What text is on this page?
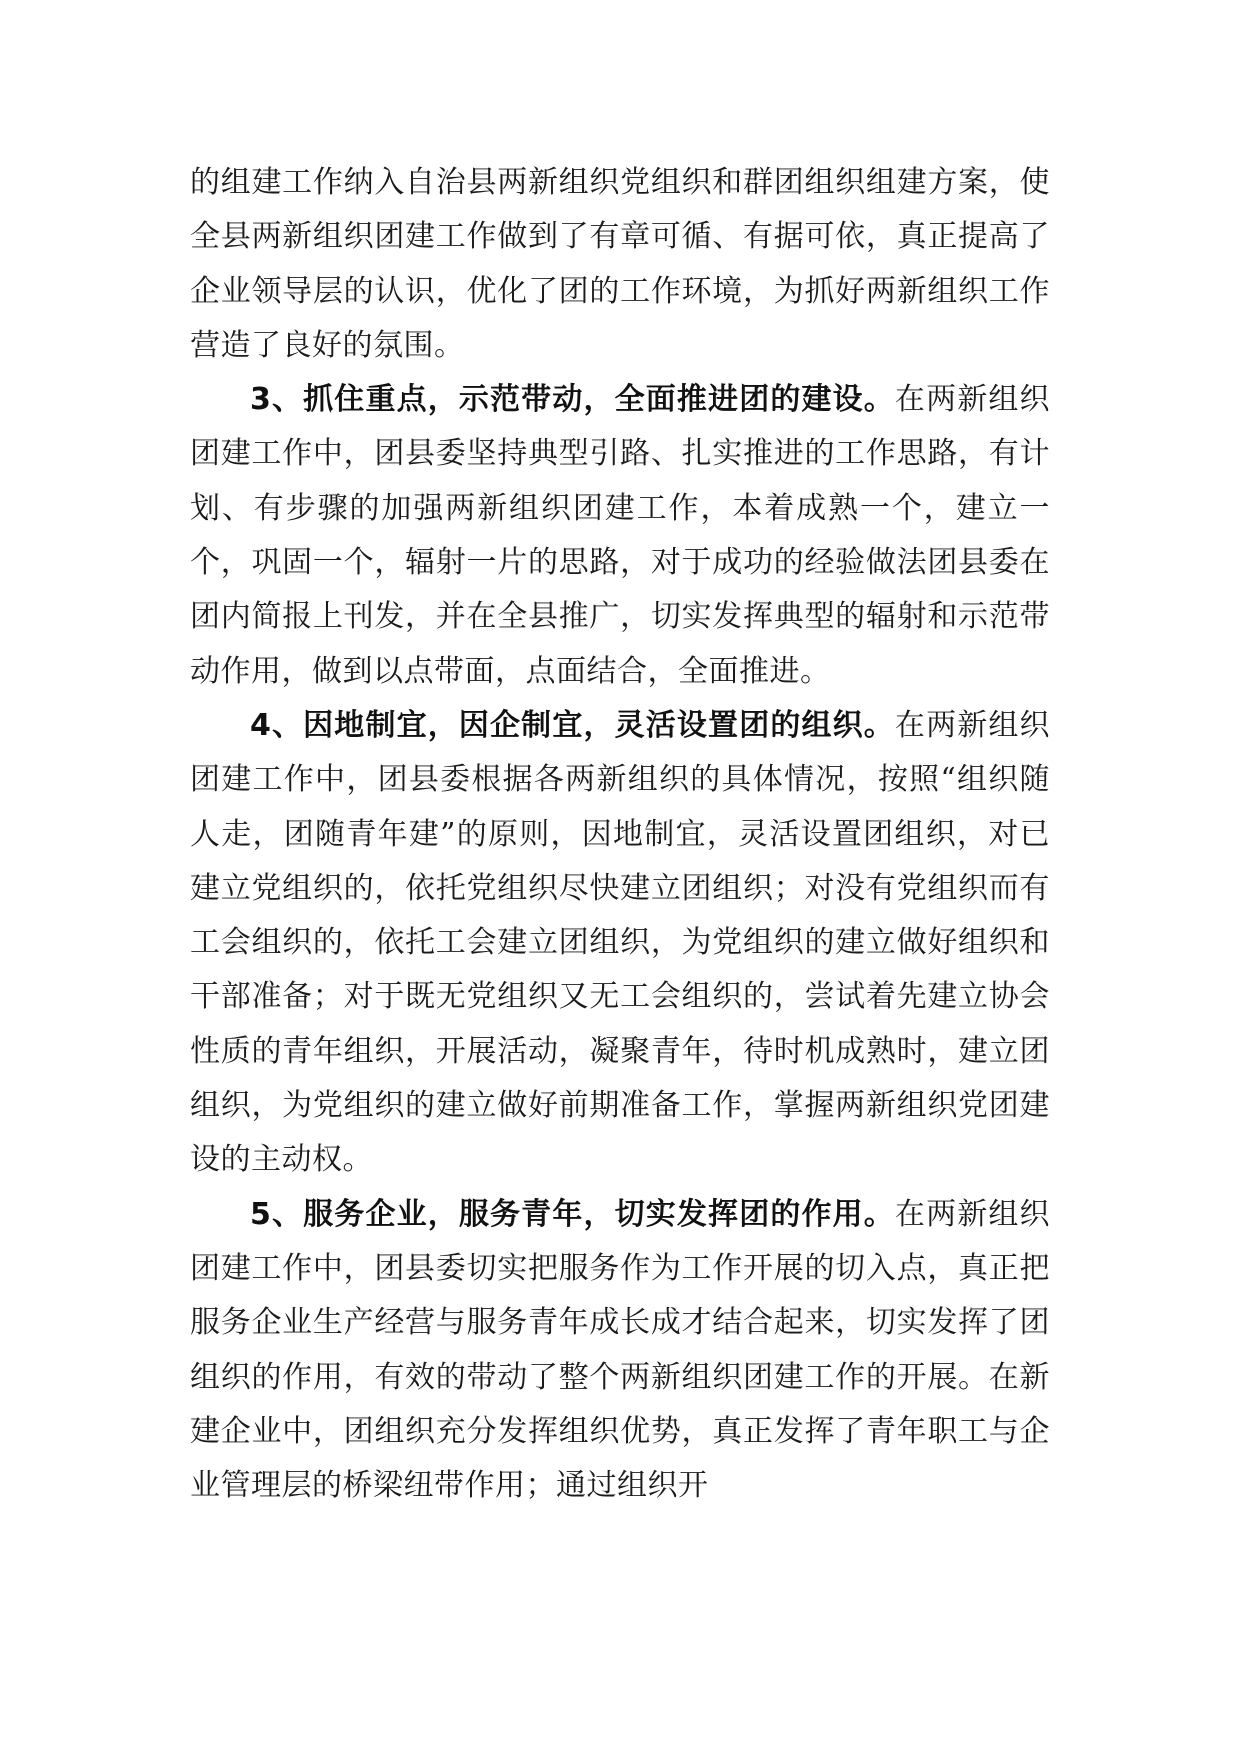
的组建工作纳入自治县两新组织党组织和群团组织组建方案，使全县两新组织团建工作做到了有章可循、有据可依，真正提高了企业领导层的认识，优化了团的工作环境，为抓好两新组织工作营造了良好的氛围。

3、抓住重点，示范带动，全面推进团的建设。在两新组织团建工作中，团县委坚持典型引路、扎实推进的工作思路，有计划、有步骤的加强两新组织团建工作，本着成熟一个，建立一个，巩固一个，辐射一片的思路，对于成功的经验做法团县委在团内简报上刊发，并在全县推广，切实发挥典型的辐射和示范带动作用，做到以点带面，点面结合，全面推进。

4、因地制宜，因企制宜，灵活设置团的组织。在两新组织团建工作中，团县委根据各两新组织的具体情况，按照“组织随人走，团随青年建”的原则，因地制宜，灵活设置团组织，对已建立党组织的，依托党组织尽快建立团组织；对没有党组织而有工会组织的，依托工会建立团组织，为党组织的建立做好组织和干部准备；对于既无党组织又无工会组织的，尝试着先建立协会性质的青年组织，开展活动，凝聚青年，待时机成熟时，建立团组织，为党组织的建立做好前期准备工作，掌握两新组织党团建设的主动权。

5、服务企业，服务青年，切实发挥团的作用。在两新组织团建工作中，团县委切实把服务作为工作开展的切入点，真正把服务企业生产经营与服务青年成长成才结合起来，切实发挥了团组织的作用，有效的带动了整个两新组织团建工作的开展。在新建企业中，团组织充分发挥组织优势，真正发挥了青年职工与企业管理层的桥梁纽带作用；通过组织开
